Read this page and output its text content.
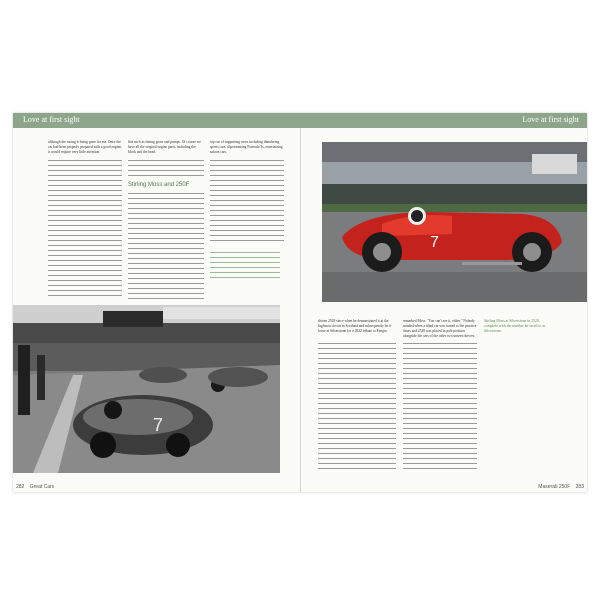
Love at first sight	Love at first sight
although the racing is being gone for me. Once the car had been properly prepared with a good engine, it would require very little attention.
bits such as timing gears and pumps. Of course we have all the original engine parts, including the block and the head.
Stirling Moss and 250F
top car of supporting races including thundering sports cars, slipstreaming Formula 3s, entertaining saloon cars.
7
282 Great Cars
7
driven 2528 since when he demonstrated it at the Ingliston circuit in Scotland and subsequently let it loose at Silverstone for a 2022 tribute to Fangio.
remarked Moss. "You can't see it, either." Nobody minded when a blind car was turned to the practice times and 2528 was placed in pole position alongside the cars of the other two unseen drivers.
Stirling Moss at Silverstone in 2528, complete with the number he raced to at Silverstone.
Maserati 250F 283
